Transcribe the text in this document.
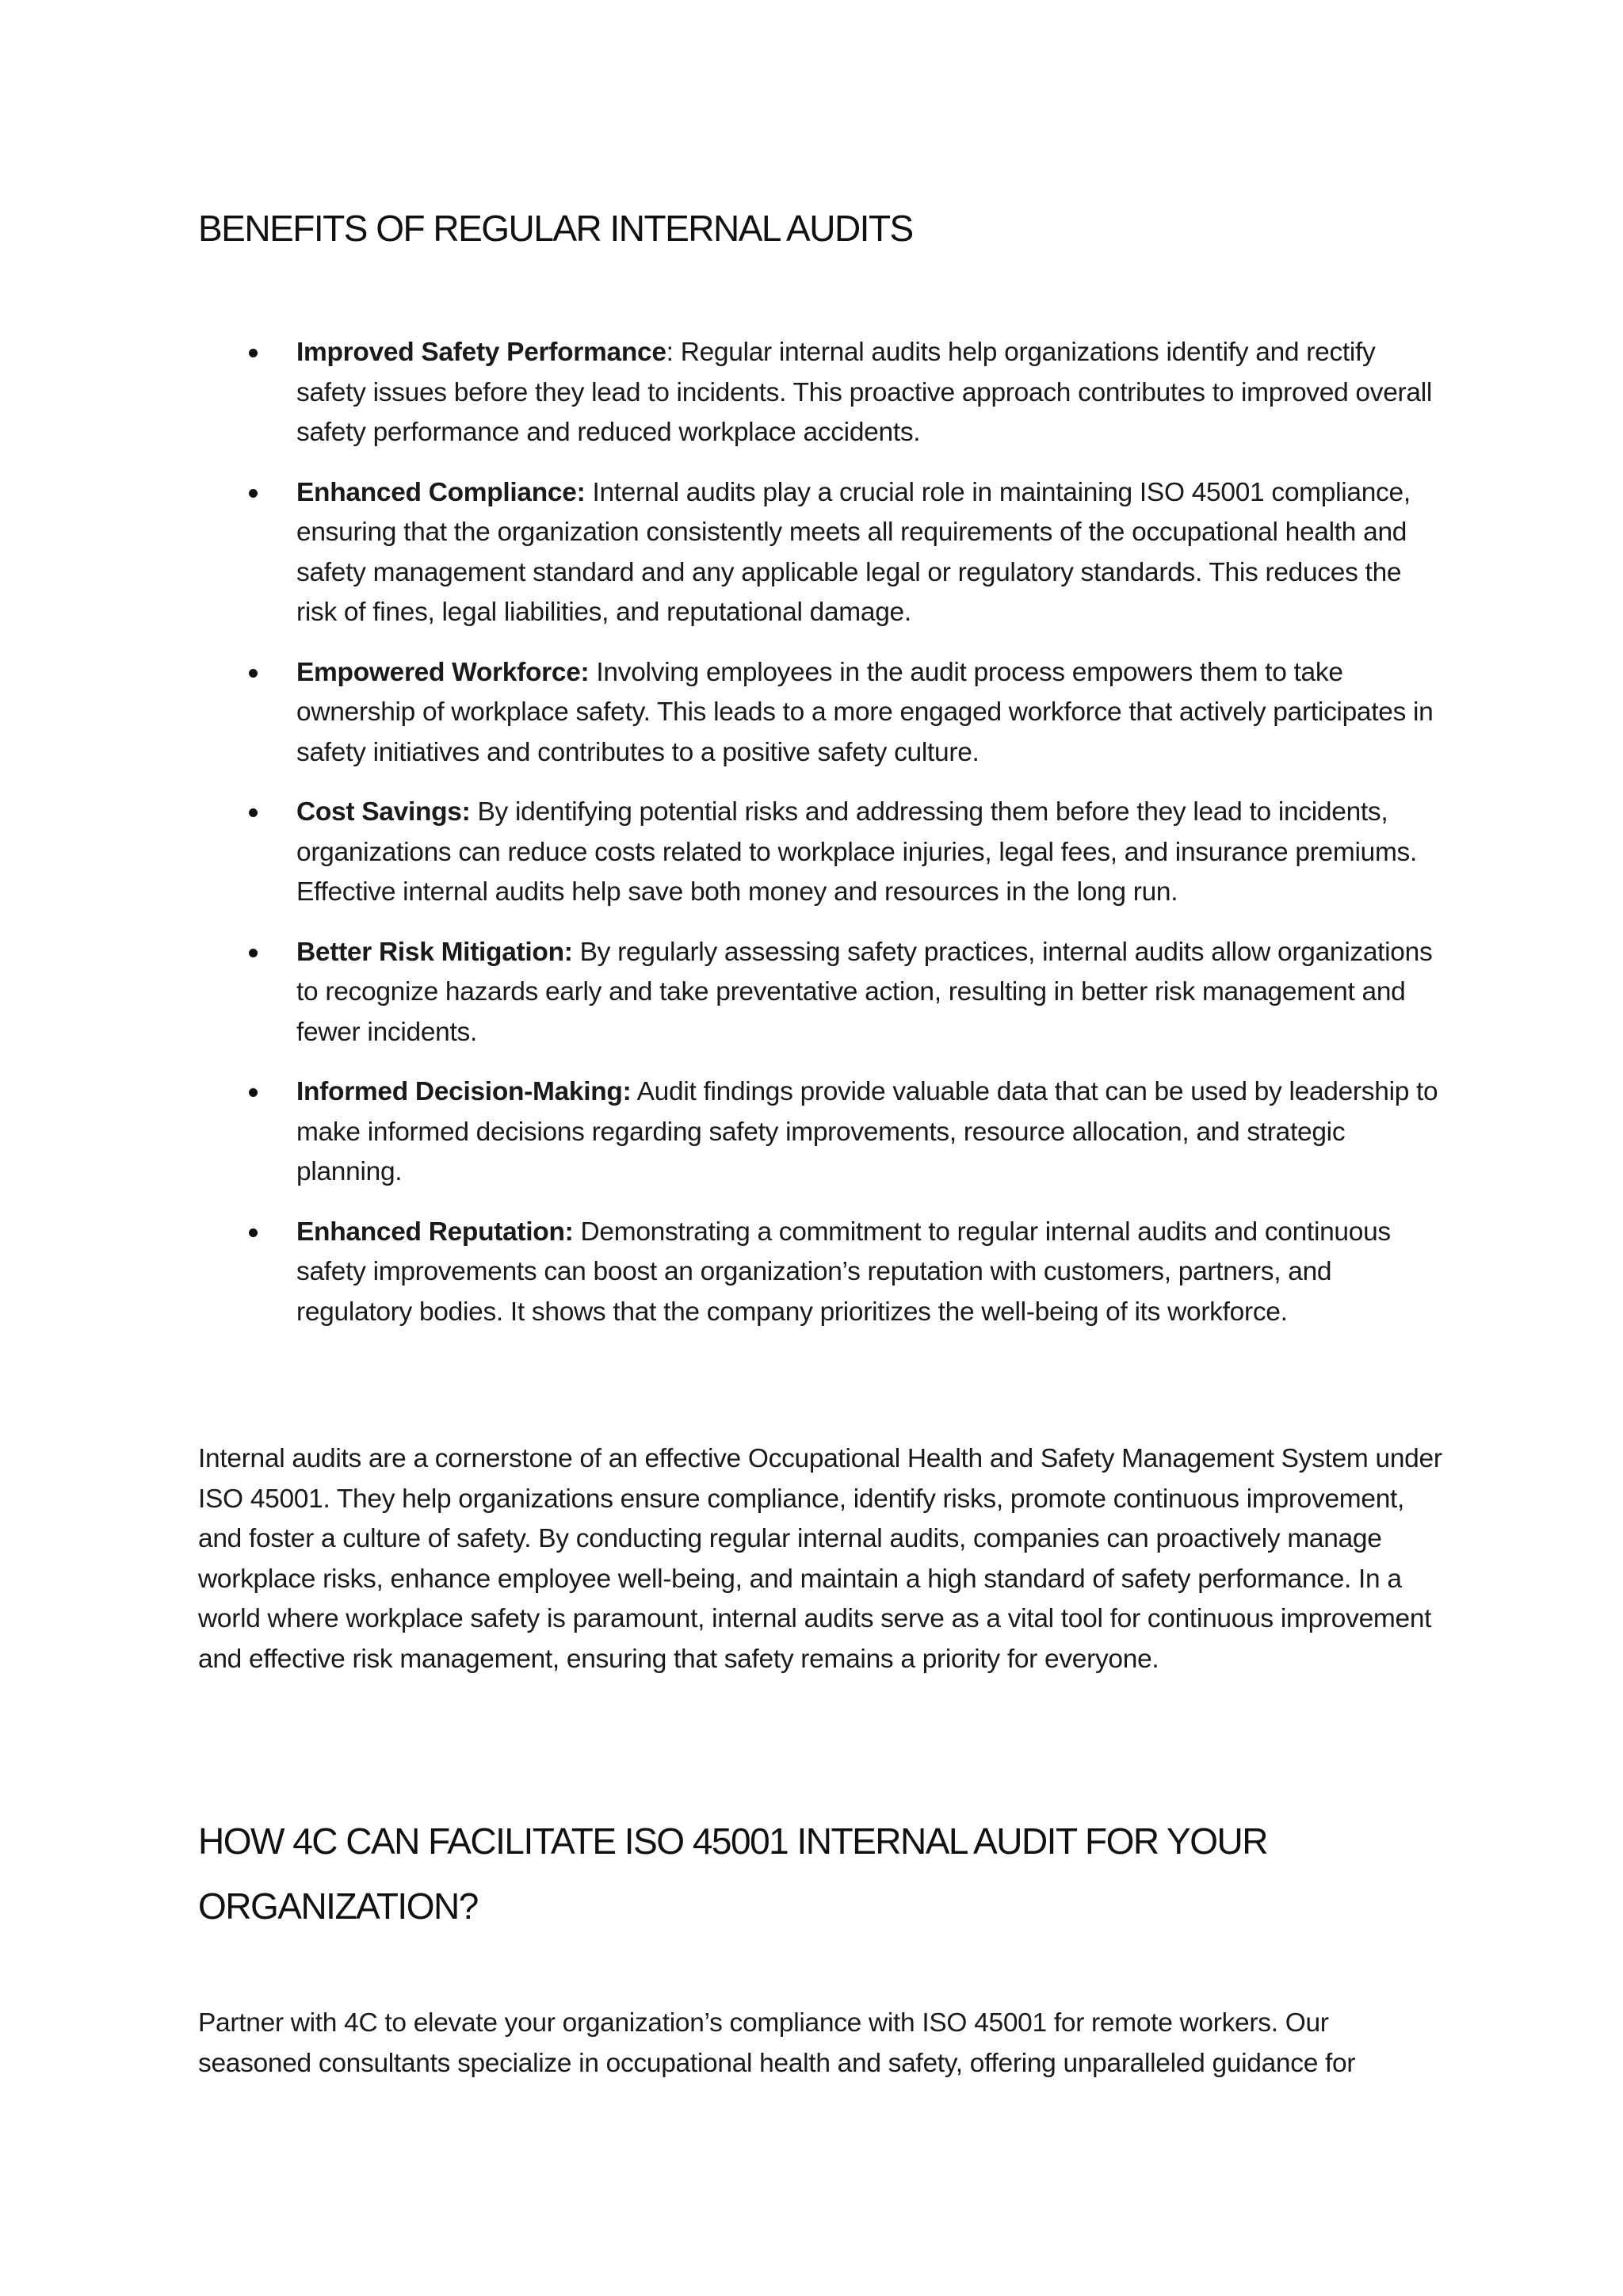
BENEFITS OF REGULAR INTERNAL AUDITS
Improved Safety Performance: Regular internal audits help organizations identify and rectify safety issues before they lead to incidents. This proactive approach contributes to improved overall safety performance and reduced workplace accidents.
Enhanced Compliance: Internal audits play a crucial role in maintaining ISO 45001 compliance, ensuring that the organization consistently meets all requirements of the occupational health and safety management standard and any applicable legal or regulatory standards. This reduces the risk of fines, legal liabilities, and reputational damage.
Empowered Workforce: Involving employees in the audit process empowers them to take ownership of workplace safety. This leads to a more engaged workforce that actively participates in safety initiatives and contributes to a positive safety culture.
Cost Savings: By identifying potential risks and addressing them before they lead to incidents, organizations can reduce costs related to workplace injuries, legal fees, and insurance premiums. Effective internal audits help save both money and resources in the long run.
Better Risk Mitigation: By regularly assessing safety practices, internal audits allow organizations to recognize hazards early and take preventative action, resulting in better risk management and fewer incidents.
Informed Decision-Making: Audit findings provide valuable data that can be used by leadership to make informed decisions regarding safety improvements, resource allocation, and strategic planning.
Enhanced Reputation: Demonstrating a commitment to regular internal audits and continuous safety improvements can boost an organization’s reputation with customers, partners, and regulatory bodies. It shows that the company prioritizes the well-being of its workforce.

Internal audits are a cornerstone of an effective Occupational Health and Safety Management System under ISO 45001. They help organizations ensure compliance, identify risks, promote continuous improvement, and foster a culture of safety. By conducting regular internal audits, companies can proactively manage workplace risks, enhance employee well-being, and maintain a high standard of safety performance. In a world where workplace safety is paramount, internal audits serve as a vital tool for continuous improvement and effective risk management, ensuring that safety remains a priority for everyone.

HOW 4C CAN FACILITATE ISO 45001 INTERNAL AUDIT FOR YOUR ORGANIZATION?

Partner with 4C to elevate your organization’s compliance with ISO 45001 for remote workers. Our seasoned consultants specialize in occupational health and safety, offering unparalleled guidance for
